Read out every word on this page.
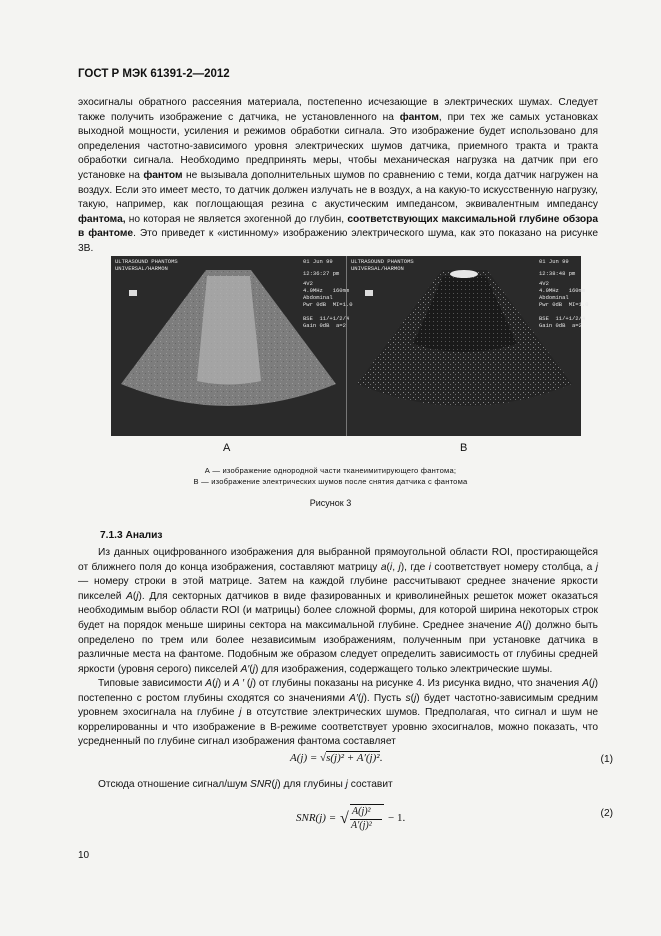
ГОСТ Р МЭК 61391-2—2012

эхосигналы обратного рассеяния материала, постепенно исчезающие в электрических шумах. Следует также получить изображение с датчика, не установленного на фантом, при тех же самых установках выходной мощности, усиления и режимов обработки сигнала. Это изображение будет использовано для определения частотно-зависимого уровня электрических шумов датчика, приемного тракта и тракта обработки сигнала. Необходимо предпринять меры, чтобы механическая нагрузка на датчик при его установке на фантом не вызывала дополнительных шумов по сравнению с теми, когда датчик нагружен на воздух. Если это имеет место, то датчик должен излучать не в воздух, а на какую-то искусственную нагрузку, такую, например, как поглощающая резина с акустическим импедансом, эквивалентным импедансу фантома, но которая не является эхогенной до глубин, соответствующих максимальной глубине обзора в фантоме. Это приведет к «истинному» изображению электрического шума, как это показано на рисунке 3В.

ULTRASOUND PHANTOMS
UNIVERSAL/HARMON
01 Jun 99
12:36:27 pm
4V2
4.0MHz   160mm
Abdominal
Pwr 0dB  MI=1.0

BSE  11/+1/2/4
Gain 0dB  a=2
ULTRASOUND PHANTOMS
UNIVERSAL/HARMON
01 Jun 99
12:38:48 pm
4V2
4.0MHz   160mm
Abdominal
Pwr 0dB  MI=1.0

BSE  11/+1/2/4
Gain 0dB  a=2
A	B
А — изображение однородной части тканеимитирующего фантома;
В — изображение электрических шумов после снятия датчика с фантома
Рисунок 3
7.1.3 Анализ

Из данных оцифрованного изображения для выбранной прямоугольной области ROI, простирающейся от ближнего поля до конца изображения, составляют матрицу a(i, j), где i соответствует номеру столбца, а j — номеру строки в этой матрице. Затем на каждой глубине рассчитывают среднее значение яркости пикселей A(j). Для секторных датчиков в виде фазированных и криволинейных решеток может оказаться необходимым выбор области ROI (и матрицы) более сложной формы, для которой ширина некоторых строк будет на порядок меньше ширины сектора на максимальной глубине. Среднее значение A(j) должно быть определено по трем или более независимым изображениям, полученным при установке датчика в различные места на фантоме. Подобным же образом следует определить зависимость от глубины средней яркости (уровня серого) пикселей A′(j) для изображения, содержащего только электрические шумы.

Типовые зависимости A(j) и A ′ (j) от глубины показаны на рисунке 4. Из рисунка видно, что значения A(j) постепенно с ростом глубины сходятся со значениями A′(j). Пусть s(j) будет частотно-зависимым средним уровнем эхосигнала на глубине j в отсутствие электрических шумов. Предполагая, что сигнал и шум не коррелированны и что изображение в В-режиме соответствует уровню эхосигналов, можно показать, что усредненный по глубине сигнал изображения фантома составляет

A(j) = √s(j)² + A′(j)².	(1)

Отсюда отношение сигнал/шум SNR(j) для глубины j составит

SNR(j) = √ A(j)²
A′(j)²
− 1.	(2)
10
